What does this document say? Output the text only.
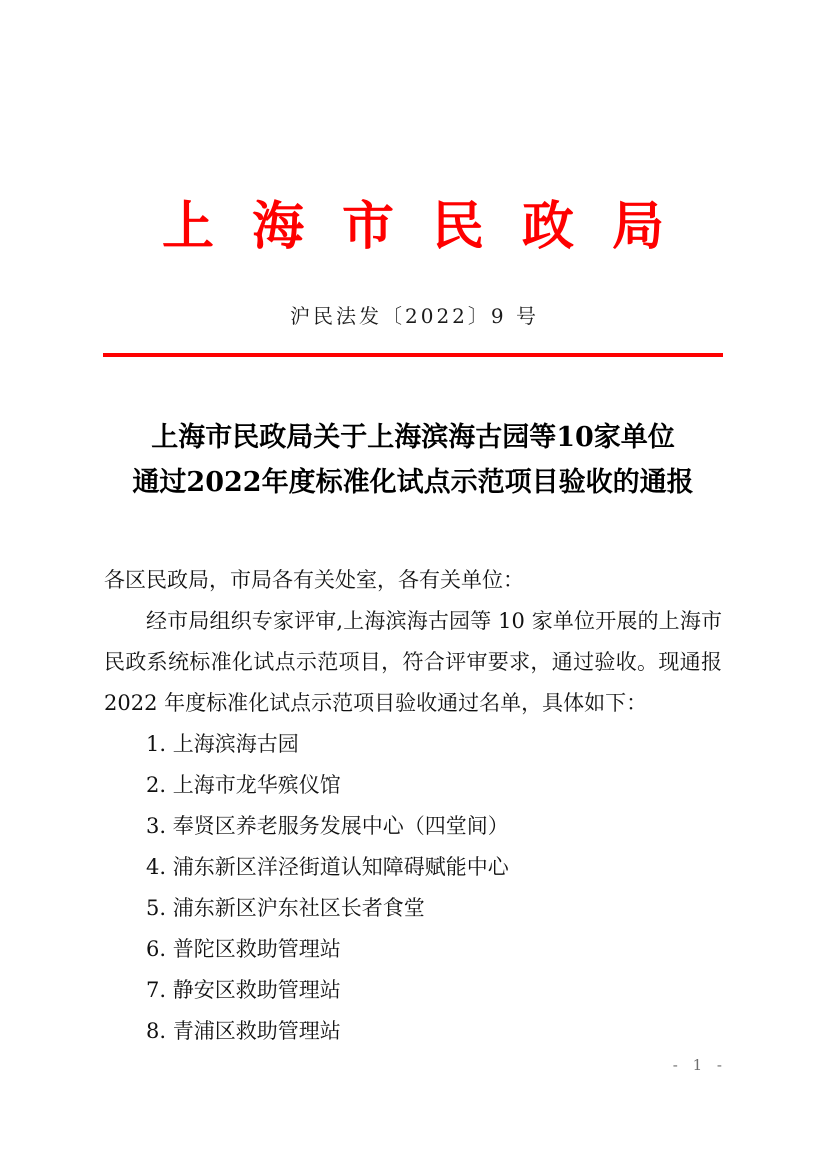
上海市民政局
沪民法发〔2022〕9 号
上海市民政局关于上海滨海古园等10家单位
通过2022年度标准化试点示范项目验收的通报

各区民政局，市局各有关处室，各有关单位：

经市局组织专家评审,上海滨海古园等 10 家单位开展的上海市民政系统标准化试点示范项目，符合评审要求，通过验收。现通报 2022 年度标准化试点示范项目验收通过名单，具体如下：

1. 上海滨海古园

2. 上海市龙华殡仪馆

3. 奉贤区养老服务发展中心（四堂间）

4. 浦东新区洋泾街道认知障碍赋能中心

5. 浦东新区沪东社区长者食堂

6. 普陀区救助管理站

7. 静安区救助管理站

8. 青浦区救助管理站

- 1 -
